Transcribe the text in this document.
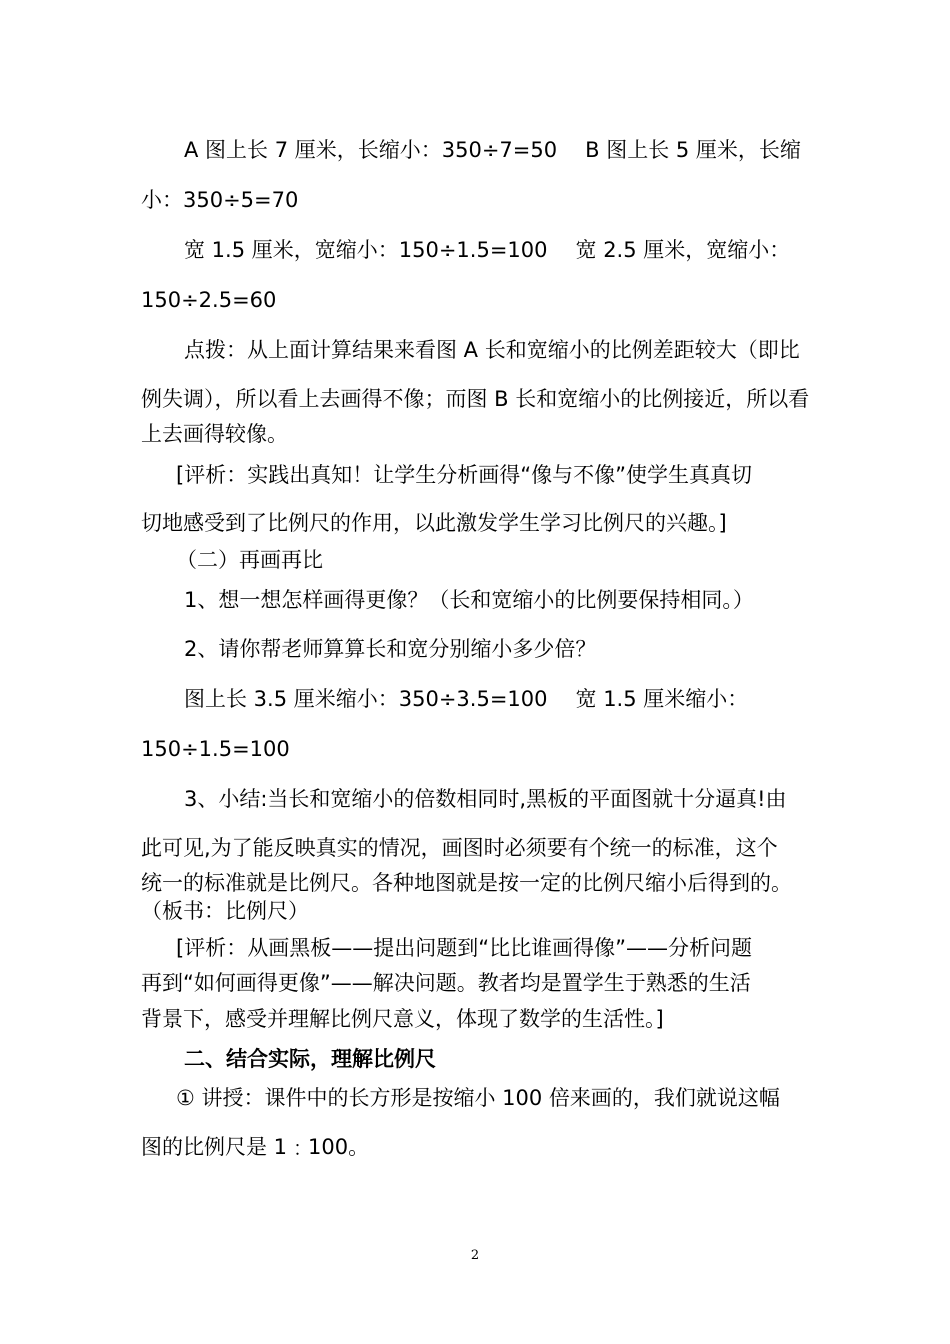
A 图上长 7 厘米，长缩小：350÷7=50 B 图上长 5 厘米，长缩
小：350÷5=70
宽 1.5 厘米，宽缩小：150÷1.5=100 宽 2.5 厘米，宽缩小：
150÷2.5=60
点拨：从上面计算结果来看图 A 长和宽缩小的比例差距较大（即比
例失调），所以看上去画得不像；而图 B 长和宽缩小的比例接近，所以看
上去画得较像。
[评析：实践出真知！让学生分析画得“像与不像”使学生真真切
切地感受到了比例尺的作用，以此激发学生学习比例尺的兴趣。]
（二）再画再比
1、想一想怎样画得更像？（长和宽缩小的比例要保持相同。）
2、请你帮老师算算长和宽分别缩小多少倍？
图上长 3.5 厘米缩小：350÷3.5=100 宽 1.5 厘米缩小：
150÷1.5=100
3、小结:当长和宽缩小的倍数相同时,黑板的平面图就十分逼真!由
此可见,为了能反映真实的情况，画图时必须要有个统一的标准，这个
统一的标准就是比例尺。各种地图就是按一定的比例尺缩小后得到的。
（板书：比例尺）
[评析：从画黑板——提出问题到“比比谁画得像”——分析问题
再到“如何画得更像”——解决问题。教者均是置学生于熟悉的生活
背景下，感受并理解比例尺意义，体现了数学的生活性。]
二、结合实际，理解比例尺
① 讲授：课件中的长方形是按缩小 100 倍来画的，我们就说这幅
图的比例尺是 1﹕100。
2
